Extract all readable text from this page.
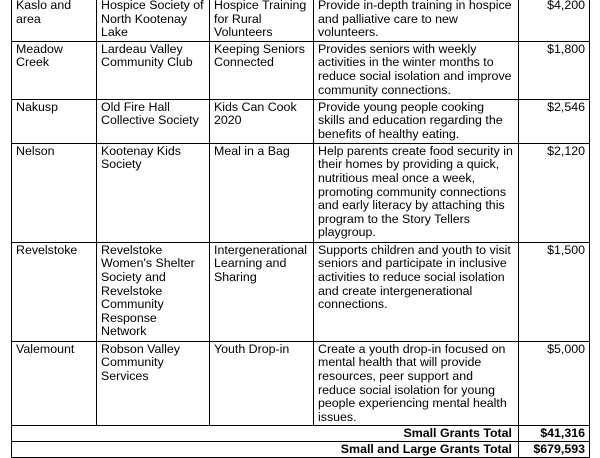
Kaslo and area	Hospice Society of North Kootenay Lake	Hospice Training for Rural Volunteers	Provide in-depth training in hospice and palliative care to new volunteers.	$4,200
Meadow Creek	Lardeau Valley Community Club	Keeping Seniors Connected	Provides seniors with weekly activities in the winter months to reduce social isolation and improve community connections.	$1,800
Nakusp	Old Fire Hall Collective Society	Kids Can Cook 2020	Provide young people cooking skills and education regarding the benefits of healthy eating.	$2,546
Nelson	Kootenay Kids Society	Meal in a Bag	Help parents create food security in their homes by providing a quick, nutritious meal once a week, promoting community connections and early literacy by attaching this program to the Story Tellers playgroup.	$2,120
Revelstoke	Revelstoke Women's Shelter Society and Revelstoke Community Response Network	Intergenerational Learning and Sharing	Supports children and youth to visit seniors and participate in inclusive activities to reduce social isolation and create intergenerational connections.	$1,500
Valemount	Robson Valley Community Services	Youth Drop-in	Create a youth drop-in focused on mental health that will provide resources, peer support and reduce social isolation for young people experiencing mental health issues.	$5,000
Small Grants Total				$41,316
Small and Large Grants Total				$679,593
